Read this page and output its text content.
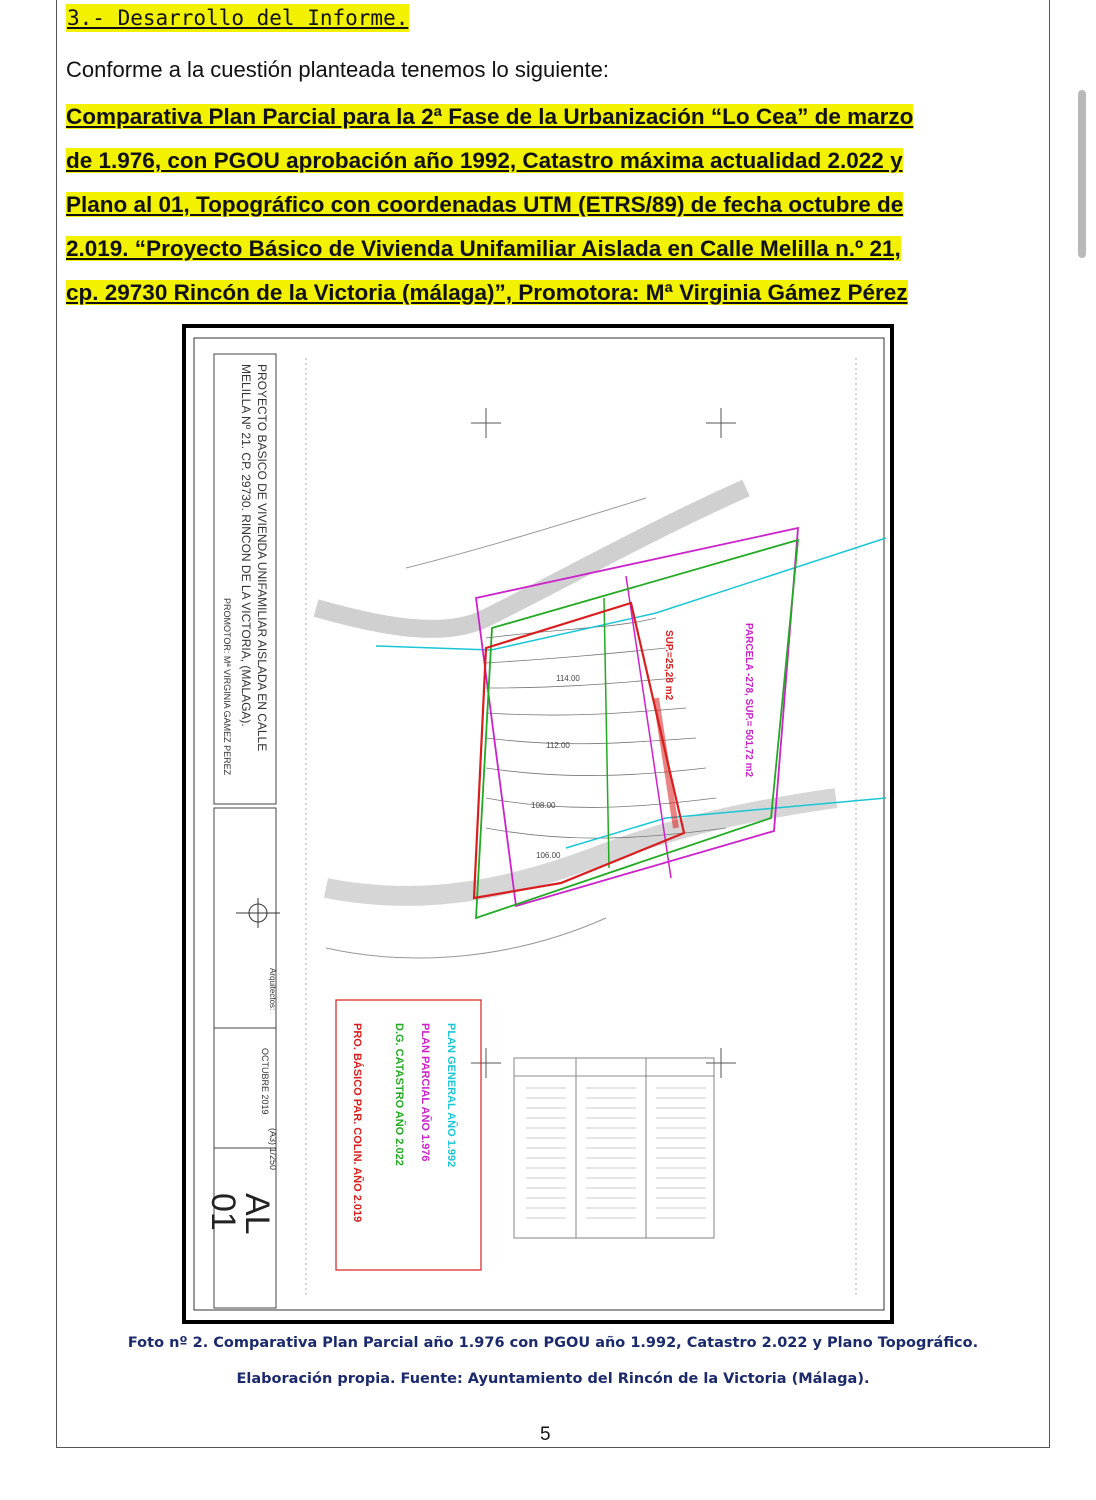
3.- Desarrollo del Informe.
Conforme a la cuestión planteada tenemos lo siguiente:
Comparativa Plan Parcial para la 2ª Fase de la Urbanización “Lo Cea” de marzo
de 1.976, con PGOU aprobación año 1992, Catastro máxima actualidad 2.022 y
Plano al 01, Topográfico con coordenadas UTM (ETRS/89) de fecha octubre de
2.019. “Proyecto Básico de Vivienda Unifamiliar Aislada en Calle Melilla n.º 21,
cp. 29730 Rincón de la Victoria (málaga)”, Promotora: Mª Virginia Gámez Pérez
PROYECTO BASICO DE VIVIENDA UNIFAMILIAR AISLADA EN CALLE
MELILLA Nº 21. CP. 29730. RINCON DE LA VICTORIA, (MALAGA).
PROMOTOR: Mª VIRGINIA GAMEZ PEREZ
Arquitectos:
OCTUBRE 2019
(A3) 1/250
AL
01
114.00
112.00
108.00
106.00
PARCELA -278, SUP.= 501,72 m2
SUP.=25,28 m2
PLAN GENERAL AÑO 1.992
PLAN PARCIAL AÑO 1.976
D.G. CATASTRO AÑO 2.022
PRO. BÁSICO PAR. COLIN. AÑO 2.019
Foto nº 2. Comparativa Plan Parcial año 1.976 con PGOU año 1.992, Catastro 2.022 y Plano Topográfico.
Elaboración propia. Fuente: Ayuntamiento del Rincón de la Victoria (Málaga).
5
